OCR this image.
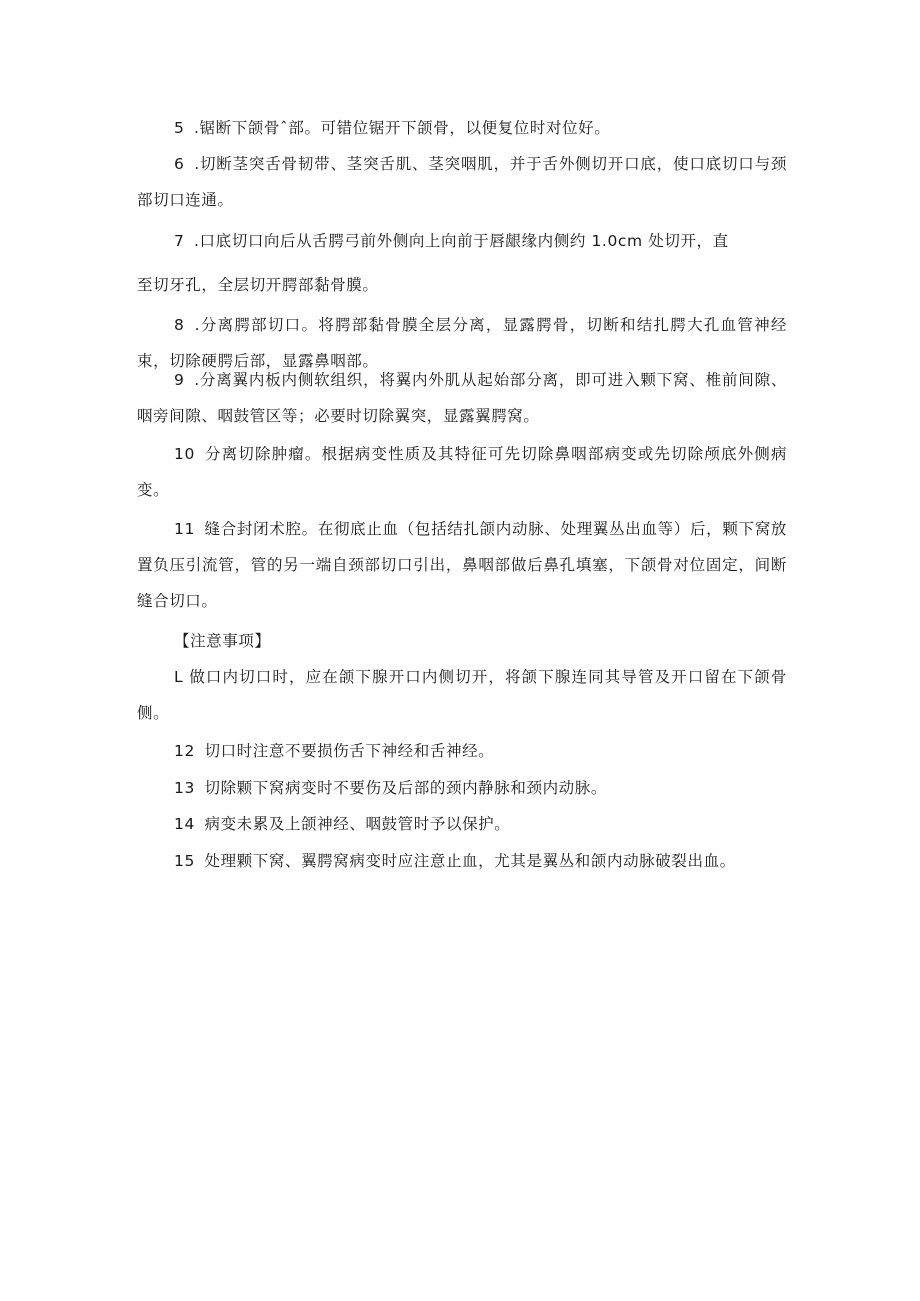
5 .锯断下颌骨ˆ部。可错位锯开下颌骨，以便复位时对位好。

6 .切断茎突舌骨韧带、茎突舌肌、茎突咽肌，并于舌外侧切开口底，使口底切口与颈部切口连通。

7 .口底切口向后从舌腭弓前外侧向上向前于唇龈缘内侧约 1.0cm 处切开，直

至切牙孔，全层切开腭部黏骨膜。

8 .分离腭部切口。将腭部黏骨膜全层分离，显露腭骨，切断和结扎腭大孔血管神经束，切除硬腭后部，显露鼻咽部。

9 .分离翼内板内侧软组织，将翼内外肌从起始部分离，即可进入颗下窝、椎前间隙、咽旁间隙、咽鼓管区等；必要时切除翼突，显露翼腭窝。

10 分离切除肿瘤。根据病变性质及其特征可先切除鼻咽部病变或先切除颅底外侧病变。

11 缝合封闭术腔。在彻底止血（包括结扎颌内动脉、处理翼丛出血等）后，颗下窝放置负压引流管，管的另一端自颈部切口引出，鼻咽部做后鼻孔填塞，下颌骨对位固定，间断缝合切口。

【注意事项】

L 做口内切口时，应在颌下腺开口内侧切开，将颌下腺连同其导管及开口留在下颌骨侧。

12 切口时注意不要损伤舌下神经和舌神经。

13 切除颗下窝病变时不要伤及后部的颈内静脉和颈内动脉。

14 病变未累及上颌神经、咽鼓管时予以保护。

15 处理颗下窝、翼腭窝病变时应注意止血，尤其是翼丛和颌内动脉破裂出血。
